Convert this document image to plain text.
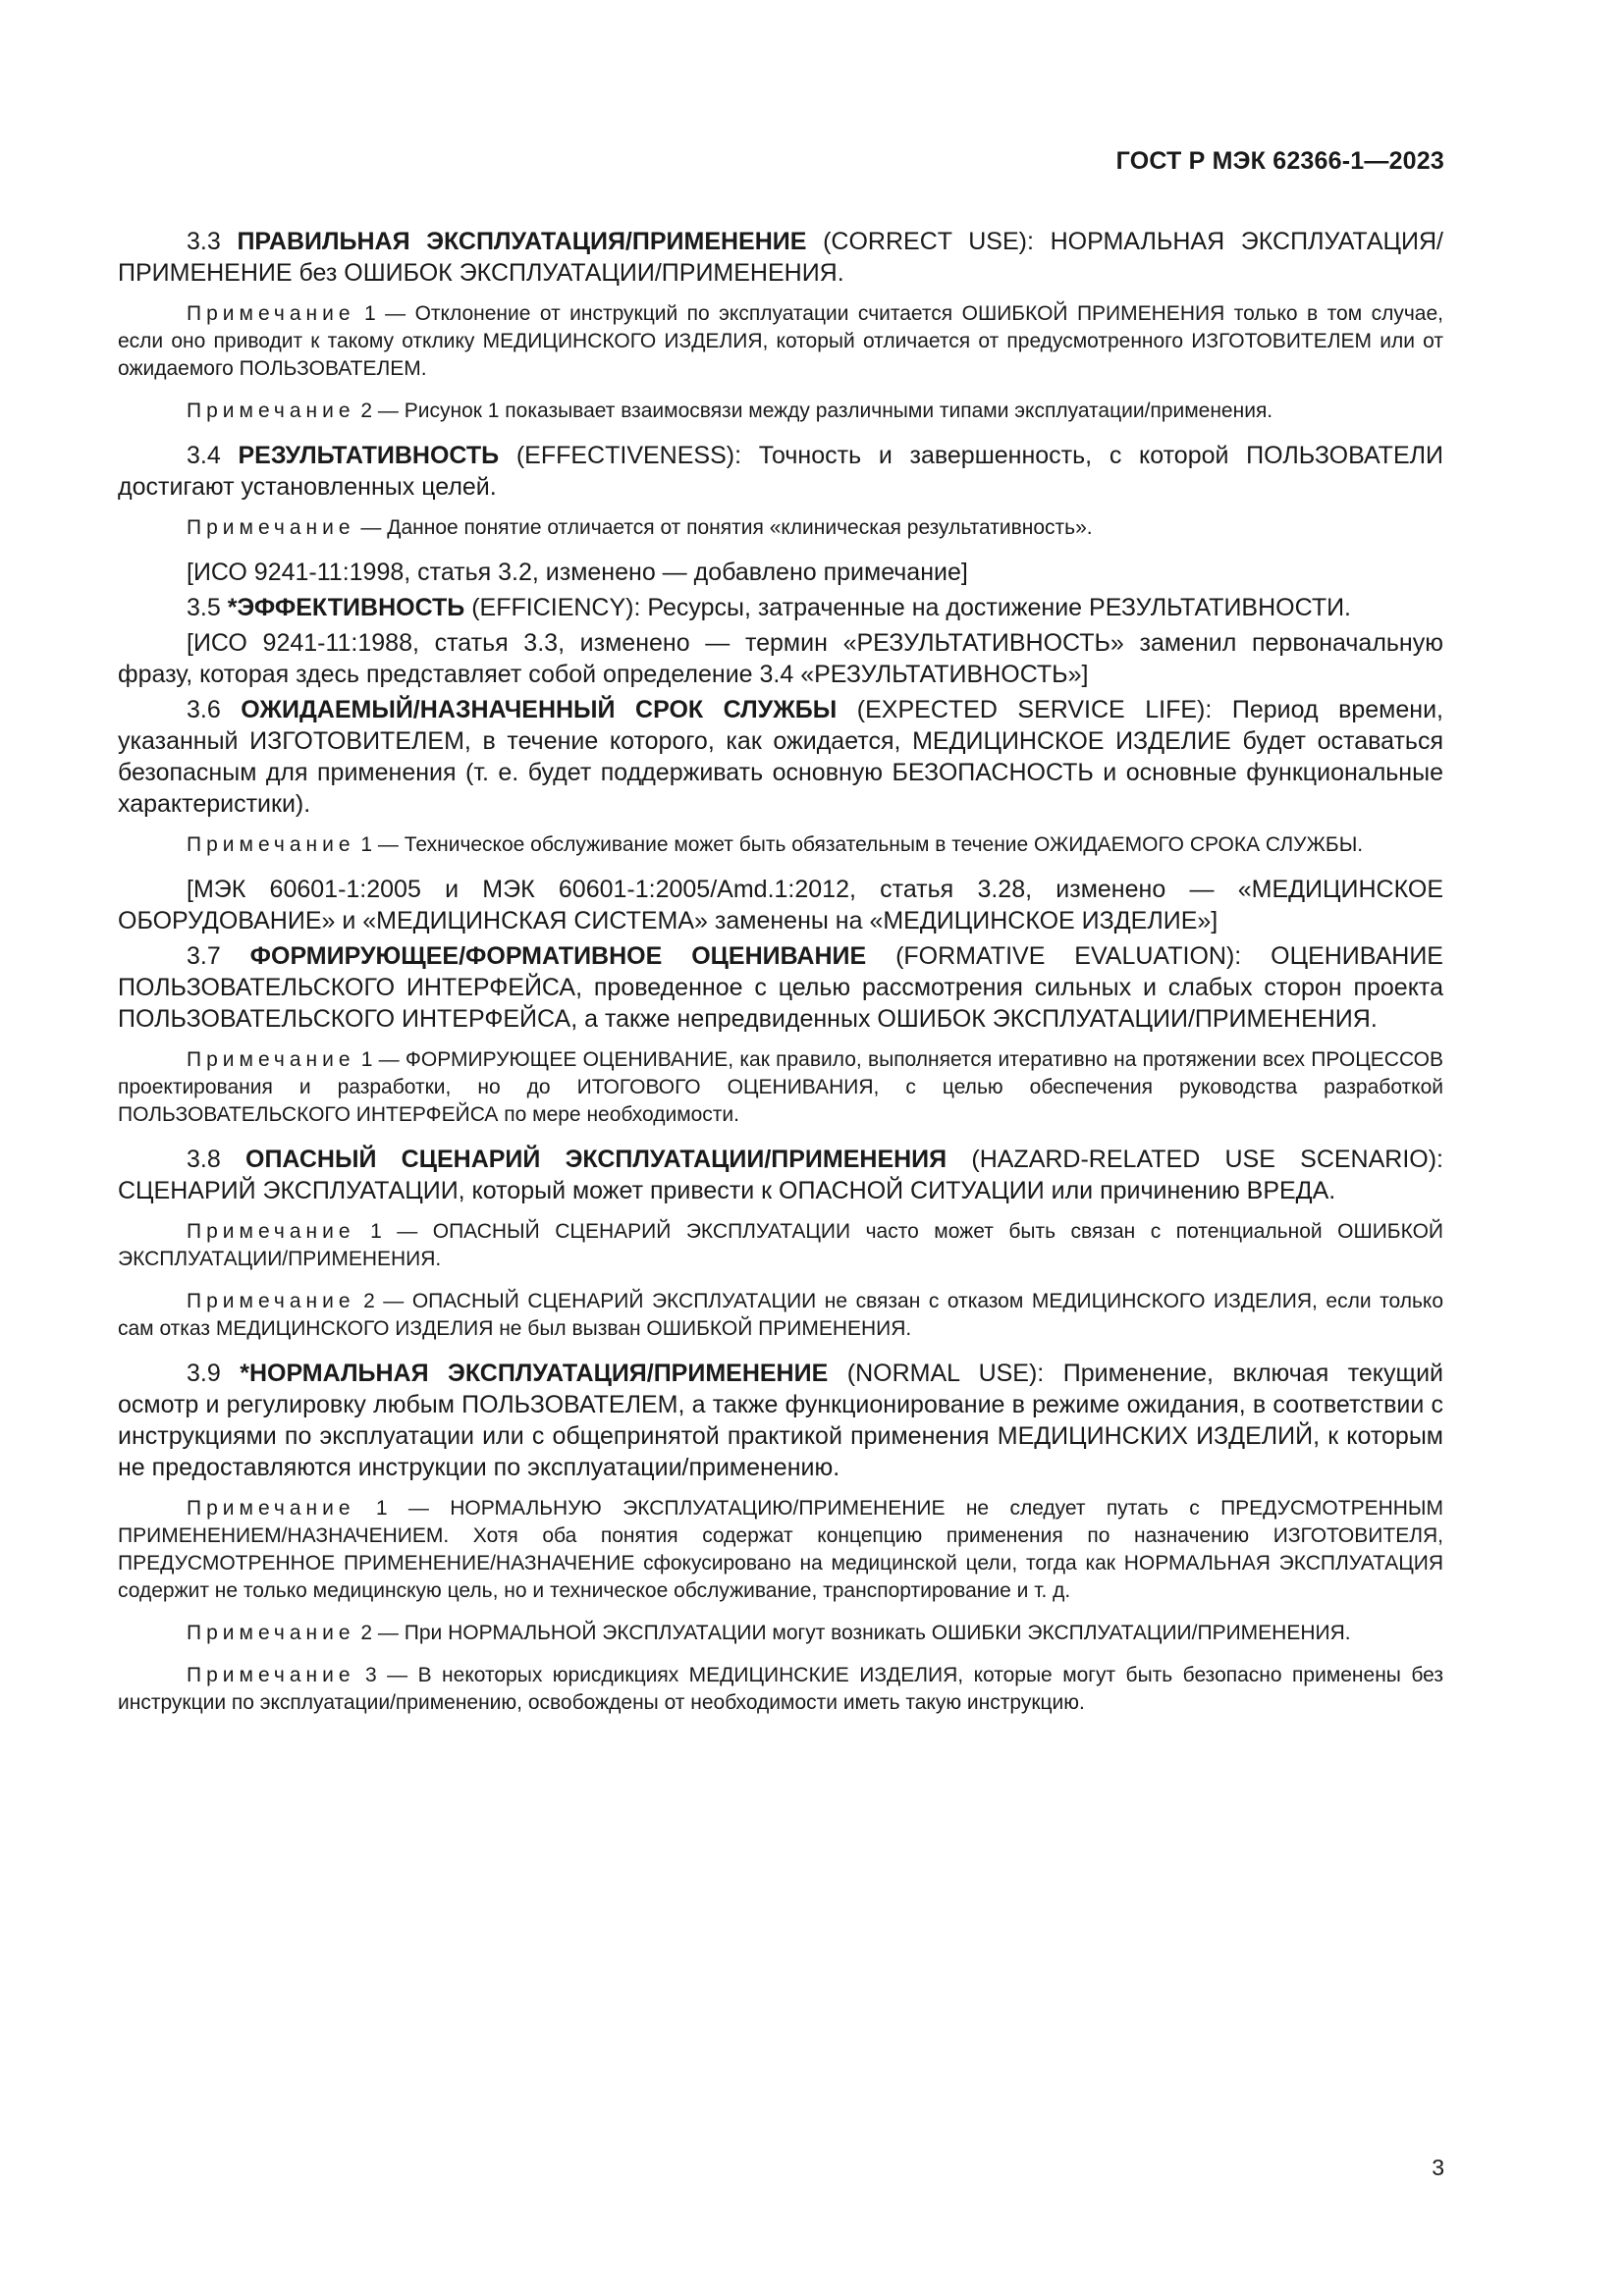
ГОСТ Р МЭК 62366-1—2023

3.3 ПРАВИЛЬНАЯ ЭКСПЛУАТАЦИЯ/ПРИМЕНЕНИЕ (CORRECT USE): НОРМАЛЬНАЯ ЭКСПЛУАТАЦИЯ/ПРИМЕНЕНИЕ без ОШИБОК ЭКСПЛУАТАЦИИ/ПРИМЕНЕНИЯ.

Примечание 1 — Отклонение от инструкций по эксплуатации считается ОШИБКОЙ ПРИМЕНЕНИЯ только в том случае, если оно приводит к такому отклику МЕДИЦИНСКОГО ИЗДЕЛИЯ, который отличается от предусмотренного ИЗГОТОВИТЕЛЕМ или от ожидаемого ПОЛЬЗОВАТЕЛЕМ.

Примечание 2 — Рисунок 1 показывает взаимосвязи между различными типами эксплуатации/применения.

3.4 РЕЗУЛЬТАТИВНОСТЬ (EFFECTIVENESS): Точность и завершенность, с которой ПОЛЬЗОВАТЕЛИ достигают установленных целей.

Примечание — Данное понятие отличается от понятия «клиническая результативность».

[ИСО 9241-11:1998, статья 3.2, изменено — добавлено примечание]

3.5 *ЭФФЕКТИВНОСТЬ (EFFICIENCY): Ресурсы, затраченные на достижение РЕЗУЛЬТАТИВНОСТИ.

[ИСО 9241-11:1988, статья 3.3, изменено — термин «РЕЗУЛЬТАТИВНОСТЬ» заменил первоначальную фразу, которая здесь представляет собой определение 3.4 «РЕЗУЛЬТАТИВНОСТЬ»]

3.6 ОЖИДАЕМЫЙ/НАЗНАЧЕННЫЙ СРОК СЛУЖБЫ (EXPECTED SERVICE LIFE): Период времени, указанный ИЗГОТОВИТЕЛЕМ, в течение которого, как ожидается, МЕДИЦИНСКОЕ ИЗДЕЛИЕ будет оставаться безопасным для применения (т. е. будет поддерживать основную БЕЗОПАСНОСТЬ и основные функциональные характеристики).

Примечание 1 — Техническое обслуживание может быть обязательным в течение ОЖИДАЕМОГО СРОКА СЛУЖБЫ.

[МЭК 60601-1:2005 и МЭК 60601-1:2005/Amd.1:2012, статья 3.28, изменено — «МЕДИЦИНСКОЕ ОБОРУДОВАНИЕ» и «МЕДИЦИНСКАЯ СИСТЕМА» заменены на «МЕДИЦИНСКОЕ ИЗДЕЛИЕ»]

3.7 ФОРМИРУЮЩЕЕ/ФОРМАТИВНОЕ ОЦЕНИВАНИЕ (FORMATIVE EVALUATION): ОЦЕНИВАНИЕ ПОЛЬЗОВАТЕЛЬСКОГО ИНТЕРФЕЙСА, проведенное с целью рассмотрения сильных и слабых сторон проекта ПОЛЬЗОВАТЕЛЬСКОГО ИНТЕРФЕЙСА, а также непредвиденных ОШИБОК ЭКСПЛУАТАЦИИ/ПРИМЕНЕНИЯ.

Примечание 1 — ФОРМИРУЮЩЕЕ ОЦЕНИВАНИЕ, как правило, выполняется итеративно на протяжении всех ПРОЦЕССОВ проектирования и разработки, но до ИТОГОВОГО ОЦЕНИВАНИЯ, с целью обеспечения руководства разработкой ПОЛЬЗОВАТЕЛЬСКОГО ИНТЕРФЕЙСА по мере необходимости.

3.8 ОПАСНЫЙ СЦЕНАРИЙ ЭКСПЛУАТАЦИИ/ПРИМЕНЕНИЯ (HAZARD-RELATED USE SCENARIO): СЦЕНАРИЙ ЭКСПЛУАТАЦИИ, который может привести к ОПАСНОЙ СИТУАЦИИ или причинению ВРЕДА.

Примечание 1 — ОПАСНЫЙ СЦЕНАРИЙ ЭКСПЛУАТАЦИИ часто может быть связан с потенциальной ОШИБКОЙ ЭКСПЛУАТАЦИИ/ПРИМЕНЕНИЯ.

Примечание 2 — ОПАСНЫЙ СЦЕНАРИЙ ЭКСПЛУАТАЦИИ не связан с отказом МЕДИЦИНСКОГО ИЗДЕЛИЯ, если только сам отказ МЕДИЦИНСКОГО ИЗДЕЛИЯ не был вызван ОШИБКОЙ ПРИМЕНЕНИЯ.

3.9 *НОРМАЛЬНАЯ ЭКСПЛУАТАЦИЯ/ПРИМЕНЕНИЕ (NORMAL USE): Применение, включая текущий осмотр и регулировку любым ПОЛЬЗОВАТЕЛЕМ, а также функционирование в режиме ожидания, в соответствии с инструкциями по эксплуатации или с общепринятой практикой применения МЕДИЦИНСКИХ ИЗДЕЛИЙ, к которым не предоставляются инструкции по эксплуатации/применению.

Примечание 1 — НОРМАЛЬНУЮ ЭКСПЛУАТАЦИЮ/ПРИМЕНЕНИЕ не следует путать с ПРЕДУСМОТРЕННЫМ ПРИМЕНЕНИЕМ/НАЗНАЧЕНИЕМ. Хотя оба понятия содержат концепцию применения по назначению ИЗГОТОВИТЕЛЯ, ПРЕДУСМОТРЕННОЕ ПРИМЕНЕНИЕ/НАЗНАЧЕНИЕ сфокусировано на медицинской цели, тогда как НОРМАЛЬНАЯ ЭКСПЛУАТАЦИЯ содержит не только медицинскую цель, но и техническое обслуживание, транспортирование и т. д.

Примечание 2 — При НОРМАЛЬНОЙ ЭКСПЛУАТАЦИИ могут возникать ОШИБКИ ЭКСПЛУАТАЦИИ/ПРИМЕНЕНИЯ.

Примечание 3 — В некоторых юрисдикциях МЕДИЦИНСКИЕ ИЗДЕЛИЯ, которые могут быть безопасно применены без инструкции по эксплуатации/применению, освобождены от необходимости иметь такую инструкцию.

3
